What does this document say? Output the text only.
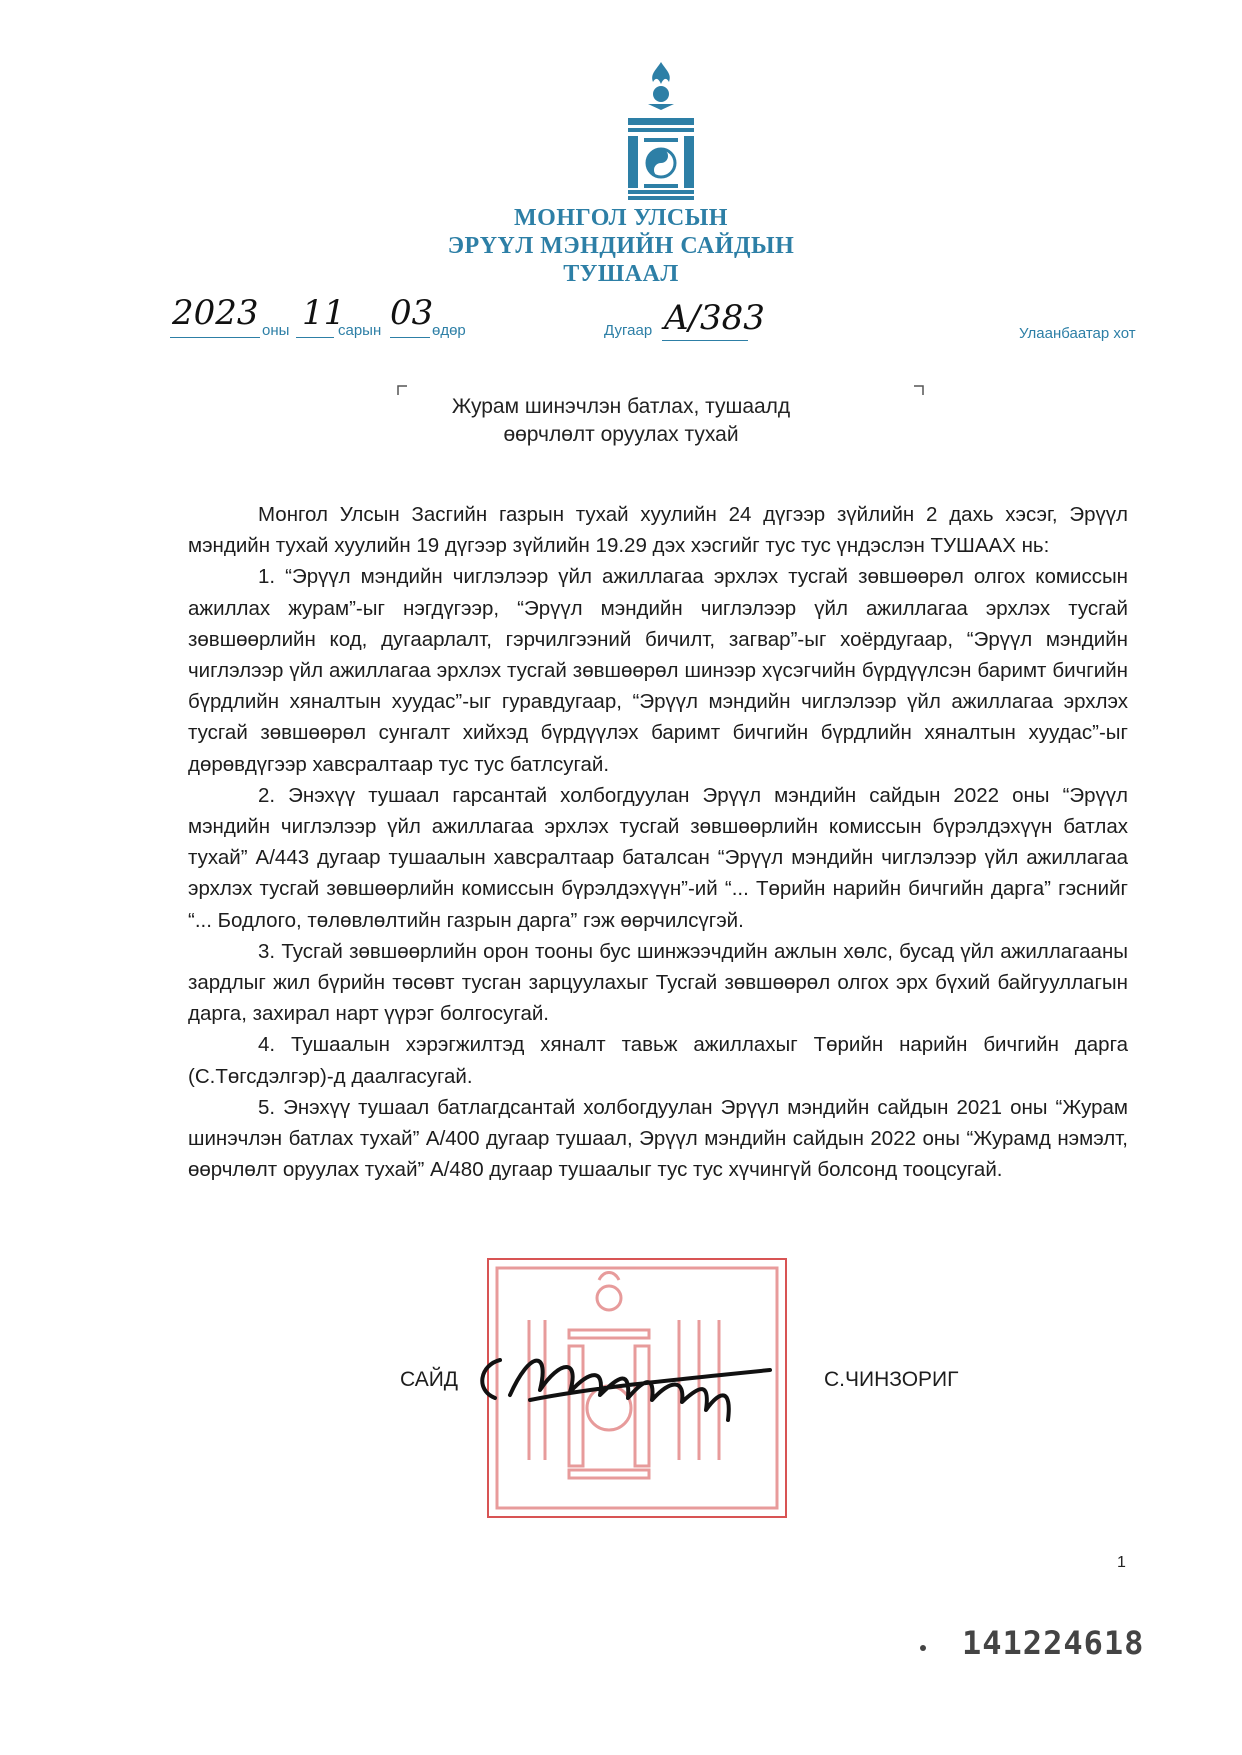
МОНГОЛ УЛСЫН
ЭРҮҮЛ МЭНДИЙН САЙДЫН
ТУШААЛ
2023 оны 11
сарын 03
өдөр	Дугаар A/383	Улаанбаатар хот
Журам шинэчлэн батлах, тушаалд
өөрчлөлт оруулах тухай

Монгол Улсын Засгийн газрын тухай хуулийн 24 дүгээр зүйлийн 2 дахь хэсэг, Эрүүл мэндийн тухай хуулийн 19 дүгээр зүйлийн 19.29 дэх хэсгийг тус тус үндэслэн ТУШААХ нь:

1. “Эрүүл мэндийн чиглэлээр үйл ажиллагаа эрхлэх тусгай зөвшөөрөл олгох комиссын ажиллах журам”-ыг нэгдүгээр, “Эрүүл мэндийн чиглэлээр үйл ажиллагаа эрхлэх тусгай зөвшөөрлийн код, дугаарлалт, гэрчилгээний бичилт, загвар”-ыг хоёрдугаар, “Эрүүл мэндийн чиглэлээр үйл ажиллагаа эрхлэх тусгай зөвшөөрөл шинээр хүсэгчийн бүрдүүлсэн баримт бичгийн бүрдлийн хяналтын хуудас”-ыг гуравдугаар, “Эрүүл мэндийн чиглэлээр үйл ажиллагаа эрхлэх тусгай зөвшөөрөл сунгалт хийхэд бүрдүүлэх баримт бичгийн бүрдлийн хяналтын хуудас”-ыг дөрөвдүгээр хавсралтаар тус тус батлсугай.

2. Энэхүү тушаал гарсантай холбогдуулан Эрүүл мэндийн сайдын 2022 оны “Эрүүл мэндийн чиглэлээр үйл ажиллагаа эрхлэх тусгай зөвшөөрлийн комиссын бүрэлдэхүүн батлах тухай” А/443 дугаар тушаалын хавсралтаар баталсан “Эрүүл мэндийн чиглэлээр үйл ажиллагаа эрхлэх тусгай зөвшөөрлийн комиссын бүрэлдэхүүн”-ий “... Төрийн нарийн бичгийн дарга” гэснийг “... Бодлого, төлөвлөлтийн газрын дарга” гэж өөрчилсүгэй.

3. Тусгай зөвшөөрлийн орон тооны бус шинжээчдийн ажлын хөлс, бусад үйл ажиллагааны зардлыг жил бүрийн төсөвт тусган зарцуулахыг Тусгай зөвшөөрөл олгох эрх бүхий байгууллагын дарга, захирал нарт үүрэг болгосугай.

4. Тушаалын хэрэгжилтэд хяналт тавьж ажиллахыг Төрийн нарийн бичгийн дарга (С.Төгсдэлгэр)-д даалгасугай.

5. Энэхүү тушаал батлагдсантай холбогдуулан Эрүүл мэндийн сайдын 2021 оны “Журам шинэчлэн батлах тухай” А/400 дугаар тушаал, Эрүүл мэндийн сайдын 2022 оны “Журамд нэмэлт, өөрчлөлт оруулах тухай” А/480 дугаар тушаалыг тус тус хүчингүй болсонд тооцсугай.

САЙД	С.ЧИНЗОРИГ
1
141224618
